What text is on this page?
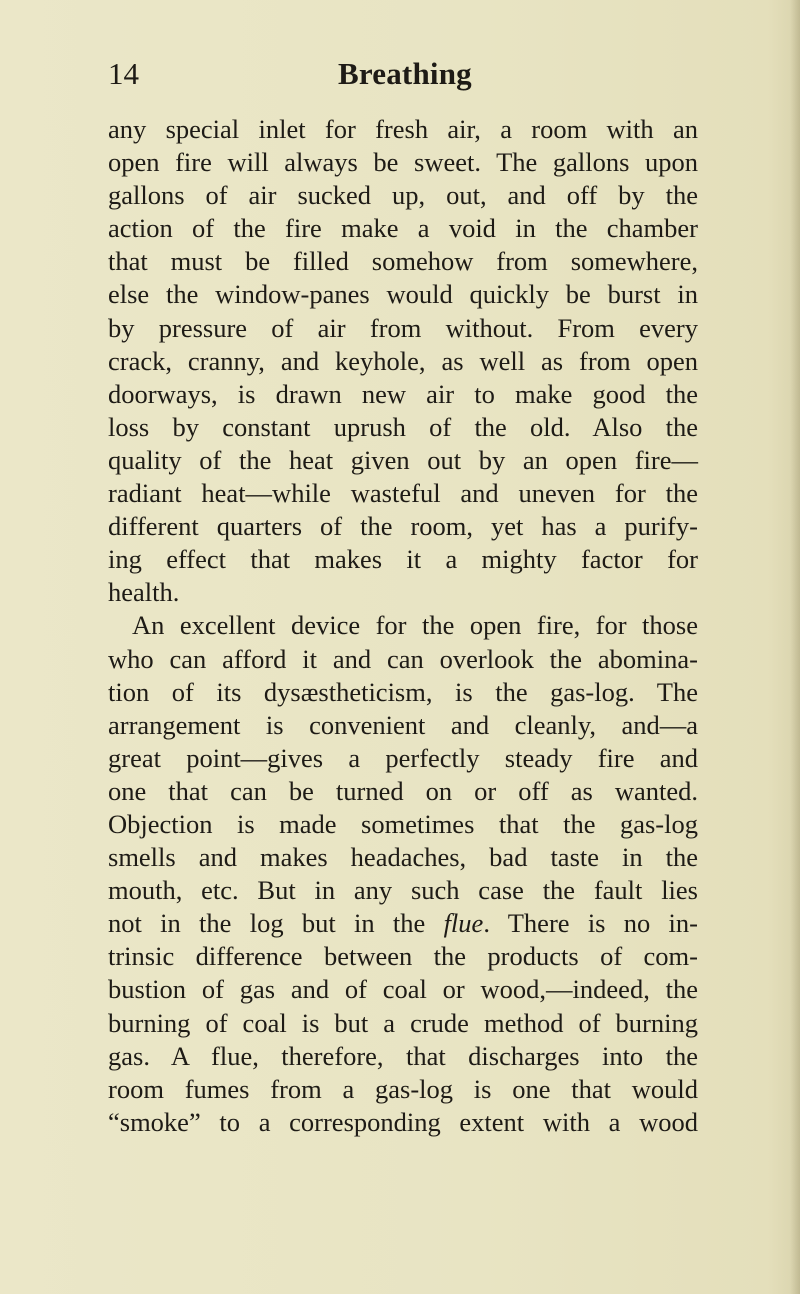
14	Breathing
any special inlet for fresh air, a room with an
open fire will always be sweet. The gallons upon
gallons of air sucked up, out, and off by the
action of the fire make a void in the chamber
that must be filled somehow from somewhere,
else the window-panes would quickly be burst in
by pressure of air from without. From every
crack, cranny, and keyhole, as well as from open
doorways, is drawn new air to make good the
loss by constant uprush of the old. Also the
quality of the heat given out by an open fire—
radiant heat—while wasteful and uneven for the
different quarters of the room, yet has a purify-
ing effect that makes it a mighty factor for
health.
An excellent device for the open fire, for those
who can afford it and can overlook the abomina-
tion of its dysæstheticism, is the gas-log. The
arrangement is convenient and cleanly, and—a
great point—gives a perfectly steady fire and
one that can be turned on or off as wanted.
Objection is made sometimes that the gas-log
smells and makes headaches, bad taste in the
mouth, etc. But in any such case the fault lies
not in the log but in the flue. There is no in-
trinsic difference between the products of com-
bustion of gas and of coal or wood,—indeed, the
burning of coal is but a crude method of burning
gas. A flue, therefore, that discharges into the
room fumes from a gas-log is one that would
“smoke” to a corresponding extent with a wood
